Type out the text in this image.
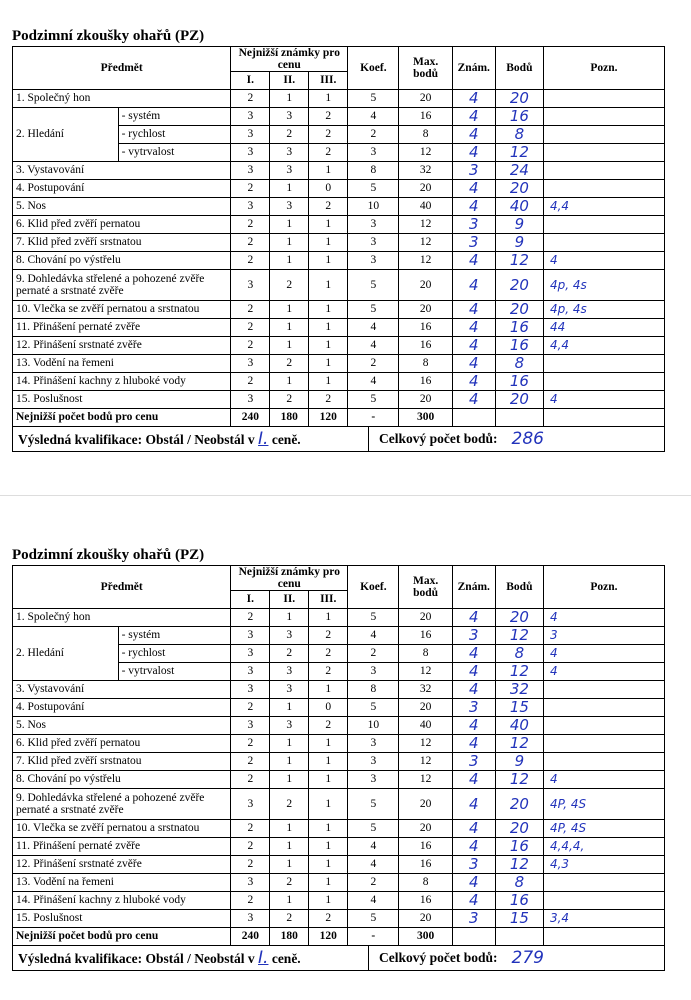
Podzimní zkoušky ohařů (PZ)
Předmět		Nejnižší známky pro cenu			Koef.	Max. bodů	Znám.	Bodů	Pozn.
		I.	II.	III.					
1. Společný hon		2	1	1	5	20	4	20	
2. Hledání	- systém	3	3	2	4	16	4	16	
	- rychlost	3	2	2	2	8	4	8	
	- vytrvalost	3	3	2	3	12	4	12	
3. Vystavování		3	3	1	8	32	3	24	
4. Postupování		2	1	0	5	20	4	20	
5. Nos		3	3	2	10	40	4	40	4,4
6. Klid před zvěří pernatou		2	1	1	3	12	3	9	
7. Klid před zvěří srstnatou		2	1	1	3	12	3	9	
8. Chování po výstřelu		2	1	1	3	12	4	12	4
9. Dohledávka střelené a pohozené zvěře pernaté a srstnaté zvěře		3	2	1	5	20	4	20	4p, 4s
10. Vlečka se zvěří pernatou a srstnatou		2	1	1	5	20	4	20	4p, 4s
11. Přinášení pernaté zvěře		2	1	1	4	16	4	16	44
12. Přinášení srstnaté zvěře		2	1	1	4	16	4	16	4,4
13. Vodění na řemeni		3	2	1	2	8	4	8	
14. Přinášení kachny z hluboké vody		2	1	1	4	16	4	16	
15. Poslušnost		3	2	2	5	20	4	20	4
Nejnižší počet bodů pro cenu		240	180	120	-	300			
Výsledná kvalifikace: Obstál / Neobstál v I. ceně.	Celkový počet bodů: 286
Podzimní zkoušky ohařů (PZ)
Předmět		Nejnižší známky pro cenu			Koef.	Max. bodů	Znám.	Bodů	Pozn.
		I.	II.	III.					
1. Společný hon		2	1	1	5	20	4	20	4
2. Hledání	- systém	3	3	2	4	16	3	12	3
	- rychlost	3	2	2	2	8	4	8	4
	- vytrvalost	3	3	2	3	12	4	12	4
3. Vystavování		3	3	1	8	32	4	32	
4. Postupování		2	1	0	5	20	3	15	
5. Nos		3	3	2	10	40	4	40	
6. Klid před zvěří pernatou		2	1	1	3	12	4	12	
7. Klid před zvěří srstnatou		2	1	1	3	12	3	9	
8. Chování po výstřelu		2	1	1	3	12	4	12	4
9. Dohledávka střelené a pohozené zvěře pernaté a srstnaté zvěře		3	2	1	5	20	4	20	4P, 4S
10. Vlečka se zvěří pernatou a srstnatou		2	1	1	5	20	4	20	4P, 4S
11. Přinášení pernaté zvěře		2	1	1	4	16	4	16	4,4,4,
12. Přinášení srstnaté zvěře		2	1	1	4	16	3	12	4,3
13. Vodění na řemeni		3	2	1	2	8	4	8	
14. Přinášení kachny z hluboké vody		2	1	1	4	16	4	16	
15. Poslušnost		3	2	2	5	20	3	15	3,4
Nejnižší počet bodů pro cenu		240	180	120	-	300			
Výsledná kvalifikace: Obstál / Neobstál v I. ceně.	Celkový počet bodů: 279
